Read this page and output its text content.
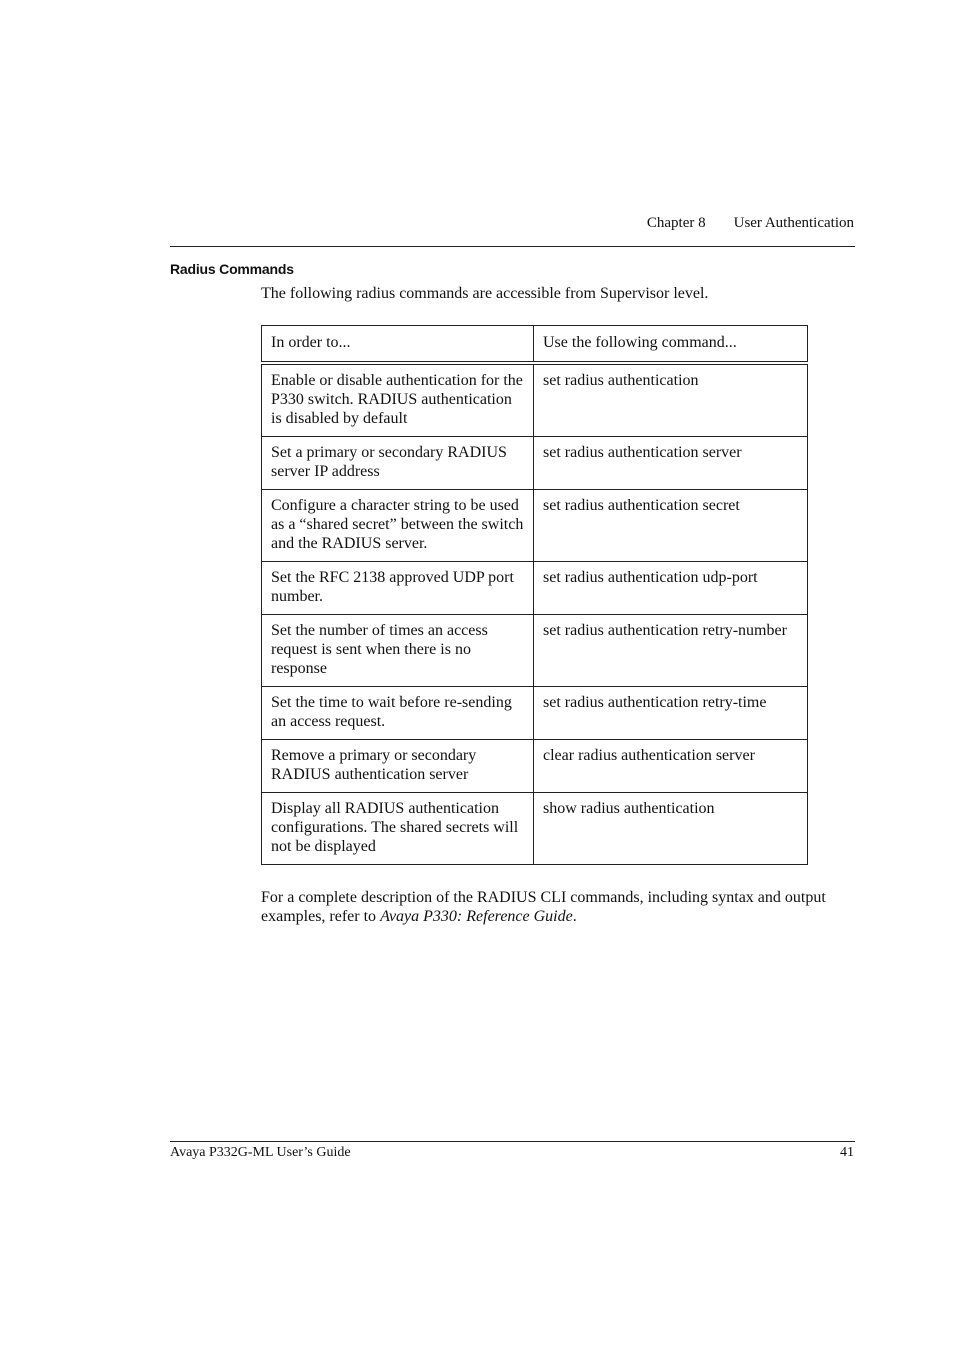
Chapter 8 User Authentication
Radius Commands
The following radius commands are accessible from Supervisor level.
In order to...	Use the following command...
Enable or disable authentication for the P330 switch. RADIUS authentication is disabled by default	set radius authentication
Set a primary or secondary RADIUS server IP address	set radius authentication server
Configure a character string to be used as a “shared secret” between the switch and the RADIUS server.	set radius authentication secret
Set the RFC 2138 approved UDP port number.	set radius authentication udp-port
Set the number of times an access request is sent when there is no response	set radius authentication retry-number
Set the time to wait before re-sending an access request.	set radius authentication retry-time
Remove a primary or secondary RADIUS authentication server	clear radius authentication server
Display all RADIUS authentication configurations. The shared secrets will not be displayed	show radius authentication
For a complete description of the RADIUS CLI commands, including syntax and output examples, refer to Avaya P330: Reference Guide.
Avaya P332G-ML User’s Guide	41
